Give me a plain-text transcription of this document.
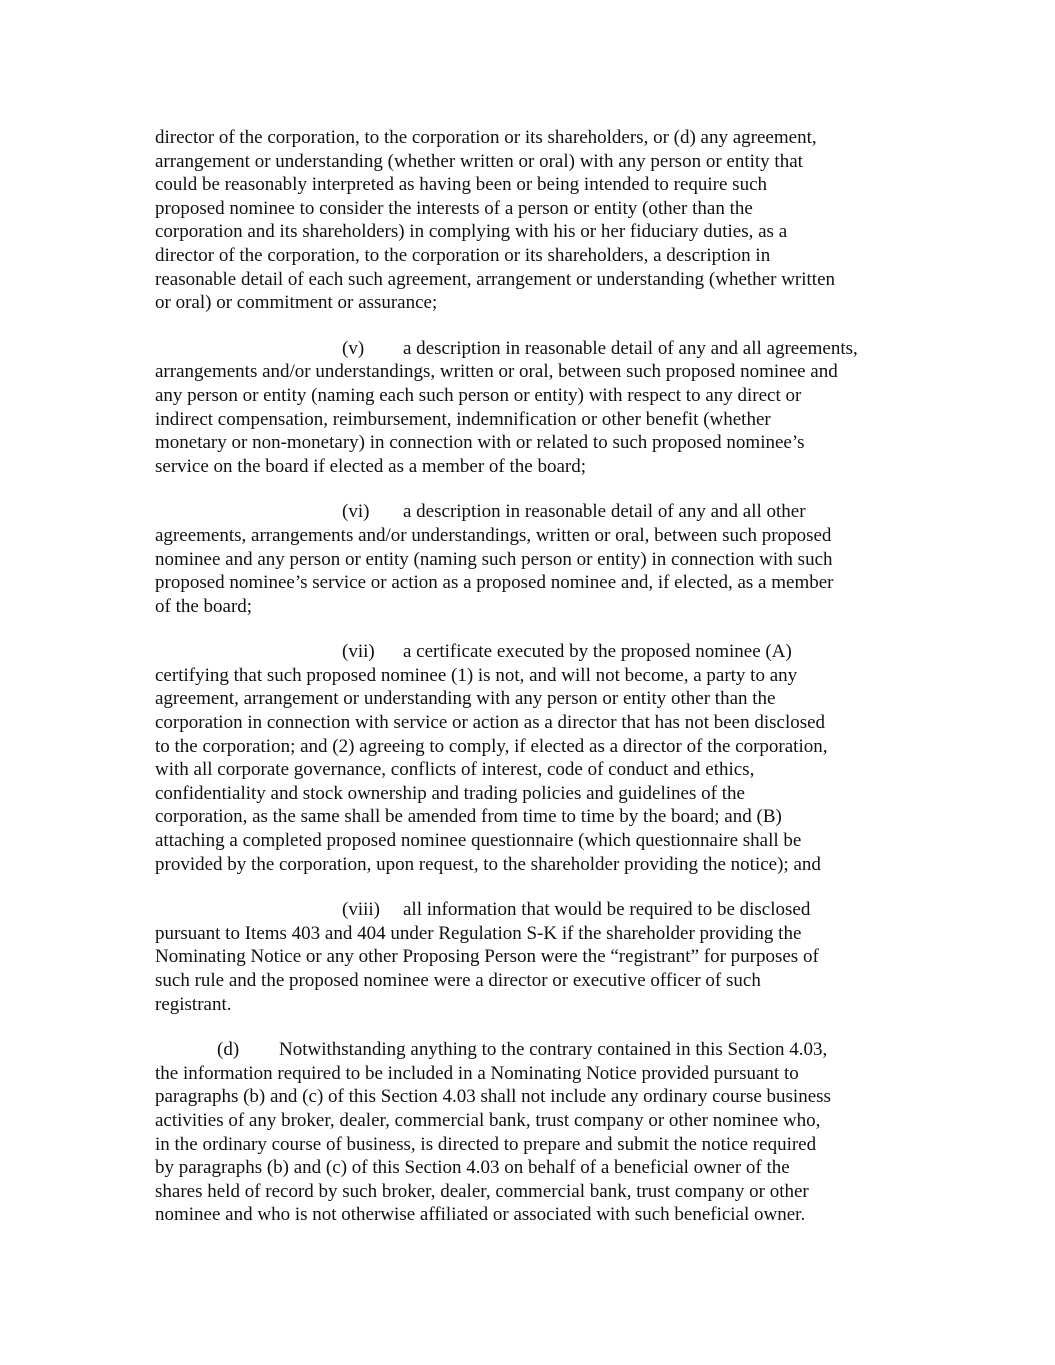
director of the corporation, to the corporation or its shareholders, or (d) any agreement,
arrangement or understanding (whether written or oral) with any person or entity that
could be reasonably interpreted as having been or being intended to require such
proposed nominee to consider the interests of a person or entity (other than the
corporation and its shareholders) in complying with his or her fiduciary duties, as a
director of the corporation, to the corporation or its shareholders, a description in
reasonable detail of each such agreement, arrangement or understanding (whether written
or oral) or commitment or assurance;
(v) a description in reasonable detail of any and all agreements,
arrangements and/or understandings, written or oral, between such proposed nominee and
any person or entity (naming each such person or entity) with respect to any direct or
indirect compensation, reimbursement, indemnification or other benefit (whether
monetary or non-monetary) in connection with or related to such proposed nominee’s
service on the board if elected as a member of the board;
(vi) a description in reasonable detail of any and all other
agreements, arrangements and/or understandings, written or oral, between such proposed
nominee and any person or entity (naming such person or entity) in connection with such
proposed nominee’s service or action as a proposed nominee and, if elected, as a member
of the board;
(vii) a certificate executed by the proposed nominee (A)
certifying that such proposed nominee (1) is not, and will not become, a party to any
agreement, arrangement or understanding with any person or entity other than the
corporation in connection with service or action as a director that has not been disclosed
to the corporation; and (2) agreeing to comply, if elected as a director of the corporation,
with all corporate governance, conflicts of interest, code of conduct and ethics,
confidentiality and stock ownership and trading policies and guidelines of the
corporation, as the same shall be amended from time to time by the board; and (B)
attaching a completed proposed nominee questionnaire (which questionnaire shall be
provided by the corporation, upon request, to the shareholder providing the notice); and
(viii) all information that would be required to be disclosed
pursuant to Items 403 and 404 under Regulation S-K if the shareholder providing the
Nominating Notice or any other Proposing Person were the “registrant” for purposes of
such rule and the proposed nominee were a director or executive officer of such
registrant.
(d) Notwithstanding anything to the contrary contained in this Section 4.03,
the information required to be included in a Nominating Notice provided pursuant to
paragraphs (b) and (c) of this Section 4.03 shall not include any ordinary course business
activities of any broker, dealer, commercial bank, trust company or other nominee who,
in the ordinary course of business, is directed to prepare and submit the notice required
by paragraphs (b) and (c) of this Section 4.03 on behalf of a beneficial owner of the
shares held of record by such broker, dealer, commercial bank, trust company or other
nominee and who is not otherwise affiliated or associated with such beneficial owner.
